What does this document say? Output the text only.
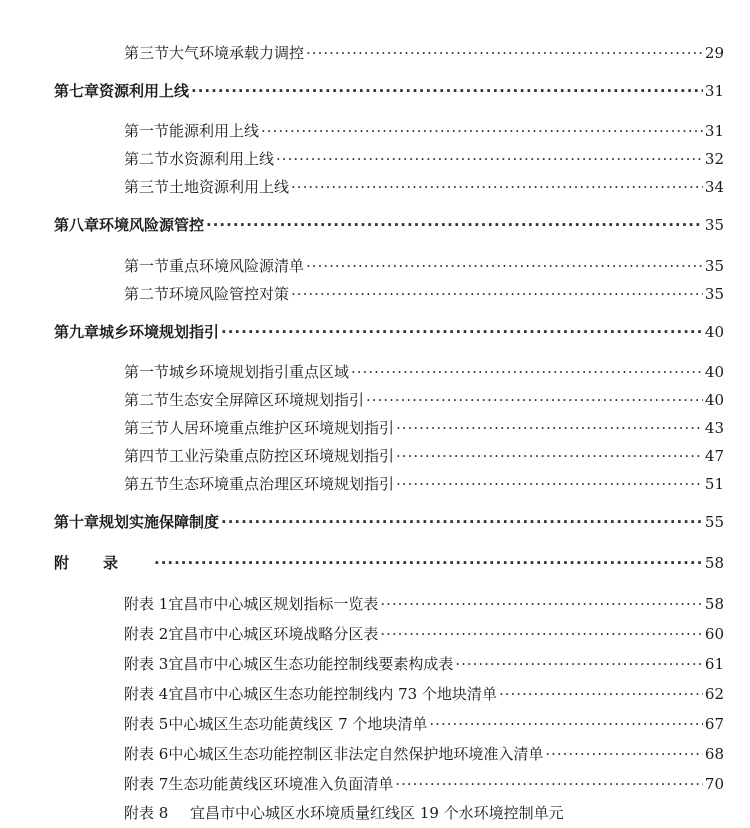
第三节 大气环境承载力调控 ·····	29
第七章 资源利用上线 ·····	31
第一节 能源利用上线 ·····	31
第二节 水资源利用上线 ·····	32
第三节 土地资源利用上线 ·····	34
第八章 环境风险源管控 ·····	35
第一节 重点环境风险源清单 ·····	35
第二节 环境风险管控对策 ·····	35
第九章 城乡环境规划指引 ·····	40
第一节 城乡环境规划指引重点区域 ·····	40
第二节 生态安全屏障区环境规划指引 ·····	40
第三节 人居环境重点维护区环境规划指引 ·····	43
第四节 工业污染重点防控区环境规划指引 ·····	47
第五节 生态环境重点治理区环境规划指引 ·····	51
第十章 规划实施保障制度 ·····	55
附录 ·····	58
附表 1 宜昌市中心城区规划指标一览表 ·····	58
附表 2 宜昌市中心城区环境战略分区表 ·····	60
附表 3 宜昌市中心城区生态功能控制线要素构成表 ·····	61
附表 4 宜昌市中心城区生态功能控制线内 73 个地块清单 ·····	62
附表 5 中心城区生态功能黄线区 7 个地块清单 ·····	67
附表 6 中心城区生态功能控制区非法定自然保护地环境准入清单 ·····	68
附表 7 生态功能黄线区环境准入负面清单 ·····	70
附表 8	宜昌市中心城区水环境质量红线区 19 个水环境控制单元
